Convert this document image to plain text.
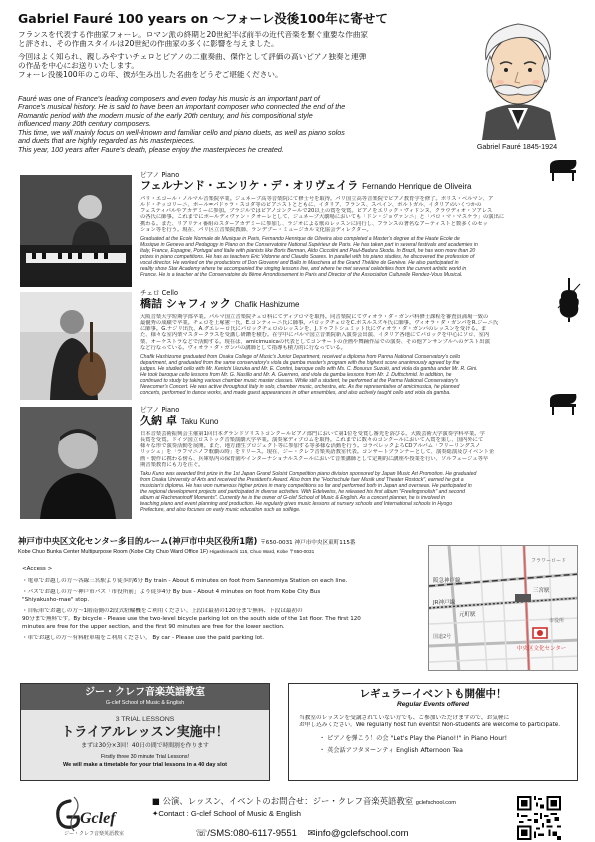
Gabriel Fauré 100 years on ～フォーレ没後100年に寄せて

フランスを代表する作曲家フォーレ。ロマン派の終期と20世紀半ば前半の近代音楽を繋ぐ重要な作曲家

と評され、その作曲スタイルは20世紀の作曲家の多くに影響を与えました。

今回はよく知られ、親しみやすいチェロとピアノの二重奏曲、傑作として評価の高いピアノ独奏と連弾

の作品を中心にお送りいたします。

フォーレ没後100年のこの年、彼が生み出した名曲をどうぞご堪能ください。

Fauré was one of France's leading composers and even today his music is an important part of

France's musical history. He is said to have been an important composer who connected the end of the

Romantic period with the modern music of the early 20th century, and his compositional style

influenced many 20th century composers.

This time, we will mainly focus on well-known and familiar cello and piano duets, as well as piano solos

and duets that are highly regarded as his masterpieces.

This year, 100 years after Faure's death, please enjoy the masterpieces he created.	Gabriel Fauré 1845-1924
ピアノ Piano
フェルナンド・エンリケ・デ・オリヴェイラ Fernando Henrique de Oliveira

パリ・エコール・ノルマル音楽院卒業。ジュネーブ高等音楽院にて修士号を取得。パリ国立高等音楽院でピアノ教育学を修了。ボリス・ベルマン、ア

ルド・チッコリーニ、ポール=バドゥラ・スコダ等のピアニストとともに、イタリア、フランス、スペイン、ポルトガル、イタリアのいくつかの

フェスティバルやアカデミーに参加。ブラジルではピアノコンクールで20以上の賞を受賞。ピアノをエリック・ヴィドンヌ、クラウディオ・ソアレス

の各氏に師事。これまでにポールディヴァン・クオーレとして、ジュネーブ大劇場においても「ドン・ジョヴァンニ」と「パロ・マ・マスケラ」の演出に

携わる。また、リアリティ番組のスターアカデミーに参加し、ラジオによる歌のレッスンに同行し、フランスの著名なアーティストと数多くのセッ

ション等を行う。現在、パリ区立音楽院教師、ランデブー・ミュージカル文化協会ディレクター。

Graduated at the Ecole Normale de Musique in Paris, Fernando Henrique de Oliveira also completed a Master's degree at the Haute Ecole de

Musique in Geneva and Pedagogy in Piano on the Conservatoire National Supérieur de Paris. He has taken part in several festivals and academies in

Italy, France, Espagne, Portugal and Italie with pianists like Boris Berman, Aldo Ciccolini and Paul-Badura Skoda. In Brazil, he has won more than 20

prizes in piano competitions. He has as teachers Eric Vidonne and Claudio Soares. In parallel with his piano studies, he discovered the profession of

vocal director. He worked on the productions of Don Giovanni and Ballo in Maschera at the Grand Théâtre de Genève. He also participated in

reality show Star Academy where he accompanied the singing lessons live, and where he met several celebrities from the current artistic world in

France. He is a teacher at the Conservatoire du 8ème Arrondissement in Paris and Director of the Association Culturelle Rendez-Vous Musical.

チェロ Cello
橋詰 シャフィック Chafik Hashizume

大阪音楽大学短期学部卒業。パルマ国立音楽院チェロ科にてディプロマを取得。同音楽院にてヴィオラ・ダ・ガンバ科修士課程を審査員満場一致の

最優秀の成績で卒業。チェロを上塚憲一氏、E.コンティーニ氏に師事。バロックチェロをC.ボスルスズキ氏に師事。ヴィオラ・ダ・ガンバをR.ジーニ氏

に師事。G.ナジリ出氏、A.グエレーロ氏にバロックチェロのレッスンを、J.ドゥフトシュミット氏にヴィオラ・ダ・ガンバのレッスンを受ける。ま

た、様々な室内楽マスタークラスを受講し研鑽を積む。在学中にパルマ国立音楽院新入演奏会出演、イタリア各地にてバロックを中心にソロ、室内

楽、オーケストラなどで活動する。現在は、amicimusicaの代表としてコンサートの企画や舞踊作品での演奏、その他アンサンブルへのゲスト出演

など行なっている。ヴィオラ・ダ・ガンバの講師として指導も積力的に行なっている。

Chafik Hashizume graduated from Osaka College of Music's Junior Department, received a diploma from Parma National Conservatory's cello

department, and graduated from the same conservatory's viola da gamba master's program with the highest score unanimously agreed by the

judges. He studied cello with Mr. Kenichi Uezuka and Mr. E. Contini, baroque cello with Ms. C. Bosurus Suzuki, and viola da gamba under Mr. R. Gini.

He took baroque cello lessons from Mr. G. Nasillo and Mr. A. Guerrero, and viola da gamba lessons from Mr. J. Duftschmid. In addition, he

continued to study by taking various chamber music master classes. While still a student, he performed at the Parma National Conservatory's

Newcomer's Concert. He was active throughout Italy in solo, chamber music, orchestra, etc. As the representative of amicimusica, he planned

concerts, performed in dance works, and made guest appearances in other ensembles, and also actively taught cello and viola da gamba.

ピアノ Piano
久納 卓 Taku Kuno

日本音楽芸術振興会主催第1回日本グランドソリストコンクールピアノ部門において第1位を受賞し審光を浴びる。大阪芸術大学演奏学科卒業。学

長賞を受賞。ドイツ国立ロストック音楽演劇大学卒業。演奏家ディプロムを取得。これまでに数々のコンクールにおいて入賞を果し、国内外にて

様々な形で演奏活動を展開。また、地方創生プロジェクト等に参加する等多様な活動を行う。コラベレックよろCDアルバム「フリーリングスノ

リッシュ」を「ラフマニノフ歌劇の時」をリリース。現在、ジー・クレフ音楽英語教室代表。コンサートプランナーとして、演奏総演及びイベント企

画・製作に携わる傍ら、兵庫県内の保育園やインターナショナルスクールにおいて音楽講師として定期的に講座や授業を行い、ソルフェージュ等早

期音楽教育にも力を注ぐ。

Taku Kuno was awarded first prize in the 1st Japan Grand Soloist Competition piano division sponsored by Japan Music Art Promotion. He graduated

from Osaka University of Arts and received the President's Award. Also from the "Hochschule fuer Musik und Theater Rostock", earned he got a

musician's diploma. He has won numerous higher prizes in many competitions so far and performed both in Japan and overseas. He participated in

the regional development projects and participated in diverse activities. With Edelweiss, he released his first album "Freelingsnolish" and second

album at Rachmaninoff Moments". Currently he is the owner of G-clef School of Music & English. As a concert planner, he is involved in

teaching piano and event planning and production. He regularly gives music lessons at nursery schools and International schools in Hyogo

Prefecture, and also focuses on early music education such as solfège.

神戸市中央区文化センター多目的ルーム(神戸市中央区役所1階) 〒650-0031 神戸市中央区東町115番
Kobe Chuo Bunka Center Multipurpose Room (Kobe City Chuo Ward Office 1F) Higashimachi 115, Chuo Ward, Kobe 〒650-0031

<Access >

・電車でお越しの方～各線三宮駅より徒歩約6分 By train - About 6 minutes on foot from Sannomiya Station on each line.

・バスでお越しの方～神戸市バス「市役所前」より徒歩4分 By bus - About 4 minutes on foot from Kobe City Bus

"Shiyakusho-mae" stop.

・自転車でお越しの方～1階南側の2段式駐輪機をご利用ください。上段は最初の120分まで無料、下段は最初の

90分まで無料です。By bicycle - Please use the two-level bicycle parking lot on the south side of the 1st floor. The first 120

minutes are free for the upper section, and the first 90 minutes are free for the lower section.

・車でお越しの方～有料駐車場をご利用ください。 By car - Please use the paid parking lot.

阪急神戸線
JR神戸線
元町駅
三宮駅
中央区文化センター
フラワーロード
国道2号
市役所
ジー・クレフ音楽英語教室
G-clef School of Music & English
3 TRIAL LESSONS
トライアルレッスン実施中！
まずは30分×3回！40日の間で時間割を作ります
Firstly three 30 minute Trial Lessons!
We will make a timetable for your trial lessons in a 40 day slot
レギュラーイベントも開催中！
Regular Events offered

当教室のレッスンを受講されていない方でも、ご参加いただけますので、お気軽に

お申し込みください。We regularly host fun events! Non-students are welcome to participate.

・ ピアノを弾こう！の会 "Let's Play the Piano!!" in Piano Hour!
・ 英会話アフタヌーンティ English Afternoon Tea
Gclef
ジー・クレフ音楽英語教室
■ 公演、レッスン、イベントのお問合せ：ジー・クレフ音楽英語教室 gclefschool.com
✦Contact : G-clef School of Music & English
☏/SMS:080-6117-9551 ✉info@gclefschool.com
